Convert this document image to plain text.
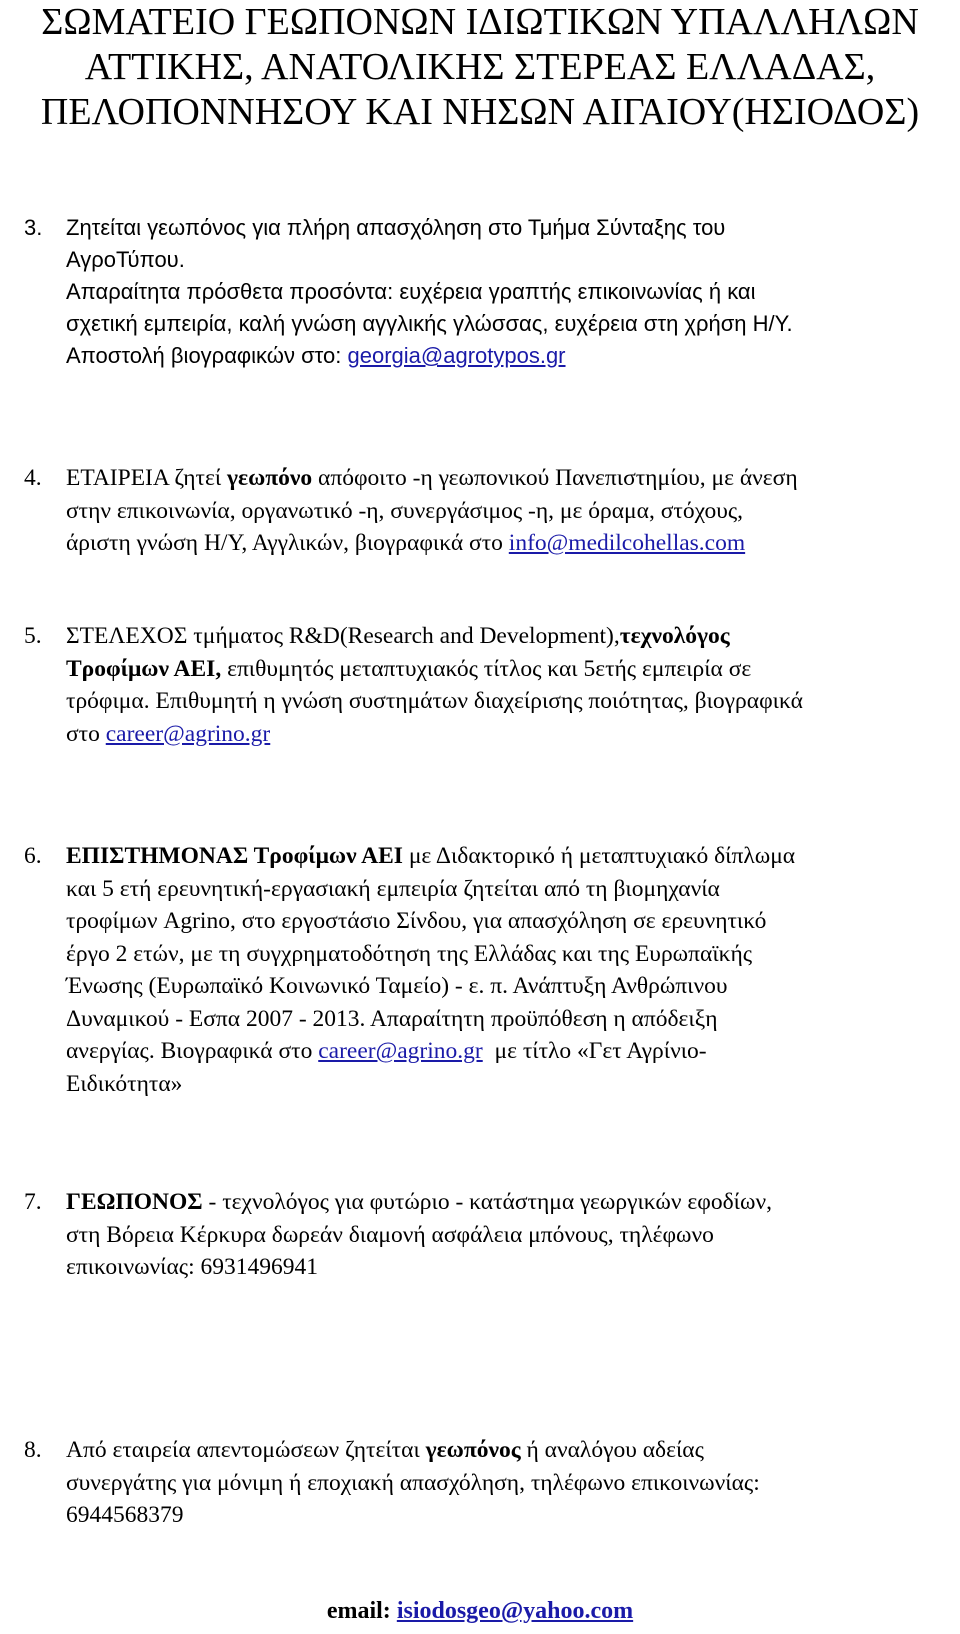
ΣΩΜΑΤΕΙΟ ΓΕΩΠΟΝΩΝ ΙΔΙΩΤΙΚΩΝ ΥΠΑΛΛΗΛΩΝ
ΑΤΤΙΚΗΣ, ΑΝΑΤΟΛΙΚΗΣ ΣΤΕΡΕΑΣ ΕΛΛΑΔΑΣ,
ΠΕΛΟΠΟΝΝΗΣΟΥ ΚΑΙ ΝΗΣΩΝ ΑΙΓΑΙΟΥ(ΗΣΙΟΔΟΣ)
3. Ζητείται γεωπόνος για πλήρη απασχόληση στο Τμήμα Σύνταξης του
ΑγροΤύπου.
Απαραίτητα πρόσθετα προσόντα: ευχέρεια γραπτής επικοινωνίας ή και
σχετική εμπειρία, καλή γνώση αγγλικής γλώσσας, ευχέρεια στη χρήση Η/Υ.
Αποστολή βιογραφικών στο: georgia@agrotypos.gr
4. ΕΤΑΙΡΕΙΑ ζητεί γεωπόνο απόφοιτο -η γεωπονικού Πανεπιστημίου, με άνεση
στην επικοινωνία, οργανωτικό -η, συνεργάσιμος -η, με όραμα, στόχους,
άριστη γνώση Η/Υ, Αγγλικών, βιογραφικά στο info@medilcohellas.com
5. ΣΤΕΛΕΧΟΣ τμήματος R&D(Research and Development),τεχνολόγος
Τροφίμων ΑΕΙ, επιθυμητός μεταπτυχιακός τίτλος και 5ετής εμπειρία σε
τρόφιμα. Επιθυμητή η γνώση συστημάτων διαχείρισης ποιότητας, βιογραφικά
στο career@agrino.gr
6. ΕΠΙΣΤΗΜΟΝΑΣ Τροφίμων ΑΕΙ με Διδακτορικό ή μεταπτυχιακό δίπλωμα
και 5 ετή ερευνητική-εργασιακή εμπειρία ζητείται από τη βιομηχανία
τροφίμων Agrino, στο εργοστάσιο Σίνδου, για απασχόληση σε ερευνητικό
έργο 2 ετών, με τη συγχρηματοδότηση της Ελλάδας και της Ευρωπαϊκής
Ένωσης (Ευρωπαϊκό Κοινωνικό Ταμείο) - ε. π. Ανάπτυξη Ανθρώπινου
Δυναμικού - Εσπα 2007 - 2013. Απαραίτητη προϋπόθεση η απόδειξη
ανεργίας. Βιογραφικά στο career@agrino.gr  με τίτλο «Γετ Αγρίνιο-
Ειδικότητα»
7. ΓΕΩΠΟΝΟΣ - τεχνολόγος για φυτώριο - κατάστημα γεωργικών εφοδίων,
στη Βόρεια Κέρκυρα δωρεάν διαμονή ασφάλεια μπόνους, τηλέφωνο
επικοινωνίας: 6931496941
8. Από εταιρεία απεντομώσεων ζητείται γεωπόνος ή αναλόγου αδείας
συνεργάτης για μόνιμη ή εποχιακή απασχόληση, τηλέφωνο επικοινωνίας:
6944568379
email: isiodosgeo@yahoo.com
